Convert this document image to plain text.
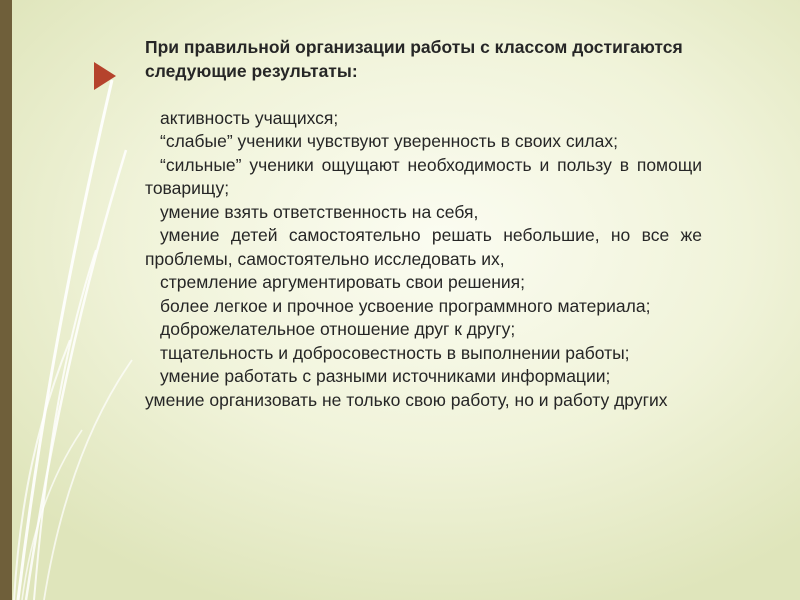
При правильной организации работы с классом достигаются
следующие результаты:
активность учащихся;
“слабые” ученики чувствуют уверенность в своих силах;
“сильные” ученики ощущают необходимость и пользу в помощи товарищу;
умение взять ответственность на себя,
умение детей самостоятельно решать небольшие, но все же проблемы, самостоятельно исследовать их,
стремление аргументировать свои решения;
более легкое и прочное усвоение программного материала;
доброжелательное отношение друг к другу;
тщательность и добросовестность в выполнении работы;
умение работать с разными источниками информации;
умение организовать не только свою работу, но и работу других
